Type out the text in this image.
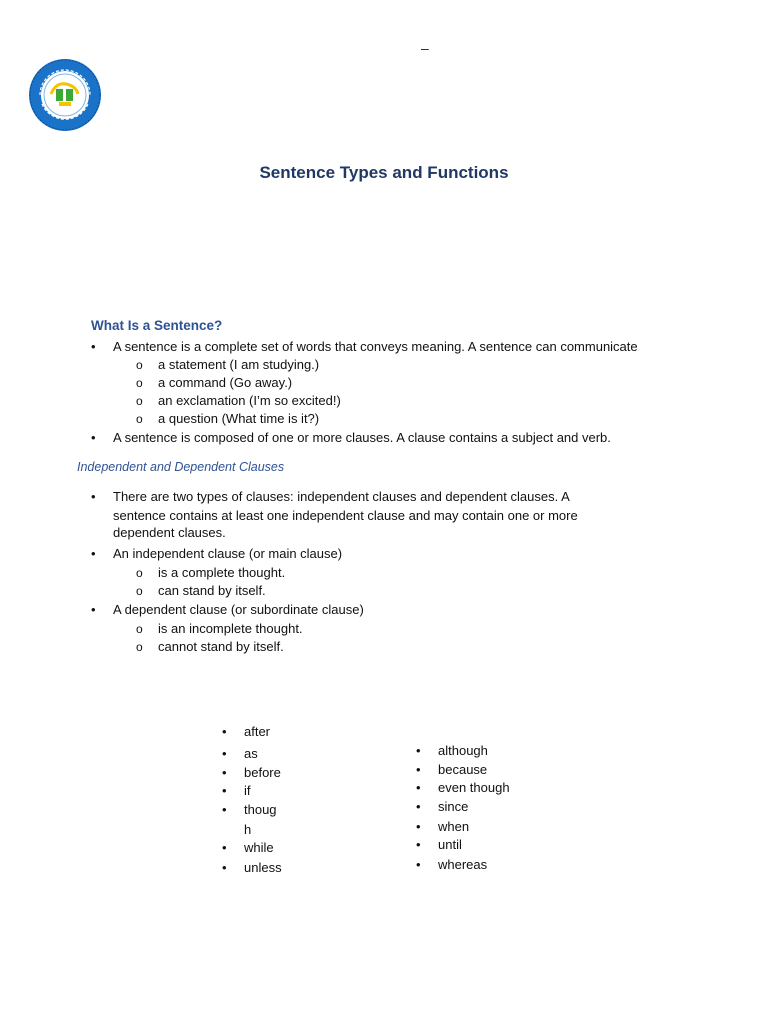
–
Sentence Types and Functions
What Is a Sentence?
• A sentence is a complete set of words that conveys meaning. A sentence can communicate
o a statement (I am studying.)
o a command (Go away.)
o an exclamation (I’m so excited!)
o a question (What time is it?)
• A sentence is composed of one or more clauses. A clause contains a subject and verb.
Independent and Dependent Clauses
• There are two types of clauses: independent clauses and dependent clauses. A
sentence contains at least one independent clause and may contain one or more
dependent clauses.
• An independent clause (or main clause)
o is a complete thought.
o can stand by itself.
• A dependent clause (or subordinate clause)
o is an incomplete thought.
o cannot stand by itself.
• after
• as
• before
• if
• thoug
h
• while
• unless
• although
• because
• even though
• since
• when
• until
• whereas
